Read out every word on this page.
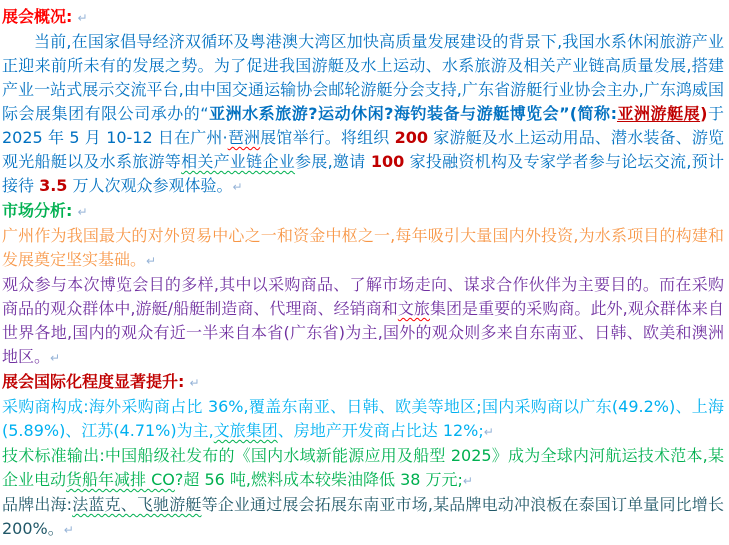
展会概况: ↵

当前,在国家倡导经济双循环及粤港澳大湾区加快高质量发展建设的背景下,我国水系休闲旅游产业正迎来前所未有的发展之势。为了促进我国游艇及水上运动、水系旅游及相关产业链高质量发展,搭建产业一站式展示交流平台,由中国交通运输协会邮轮游艇分会支持,广东省游艇行业协会主办,广东鸿威国际会展集团有限公司承办的“亚洲水系旅游?运动休闲?海钓装备与游艇博览会”(简称:亚洲游艇展)于 2025 年 5 月 10-12 日在广州·琶洲展馆举行。将组织 200 家游艇及水上运动用品、潜水装备、游览观光船艇以及水系旅游等相关产业链企业参展,邀请 100 家投融资机构及专家学者参与论坛交流,预计接待 3.5 万人次观众参观体验。↵

市场分析: ↵

广州作为我国最大的对外贸易中心之一和资金中枢之一,每年吸引大量国内外投资,为水系项目的构建和发展奠定坚实基础。↵

观众参与本次博览会目的多样,其中以采购商品、了解市场走向、谋求合作伙伴为主要目的。而在采购商品的观众群体中,游艇/船艇制造商、代理商、经销商和文旅集团是重要的采购商。此外,观众群体来自世界各地,国内的观众有近一半来自本省(广东省)为主,国外的观众则多来自东南亚、日韩、欧美和澳洲地区。↵

展会国际化程度显著提升: ↵

采购商构成:海外采购商占比 36%,覆盖东南亚、日韩、欧美等地区;国内采购商以广东(49.2%)、上海(5.89%)、江苏(4.71%)为主,文旅集团、房地产开发商占比达 12%;↵

技术标准输出:中国船级社发布的《国内水域新能源应用及船型 2025》成为全球内河航运技术范本,某企业电动货船年减排 CO?超 56 吨,燃料成本较柴油降低 38 万元;↵

品牌出海:法蓝克、飞驰游艇等企业通过展会拓展东南亚市场,某品牌电动冲浪板在泰国订单量同比增长 200%。↵
